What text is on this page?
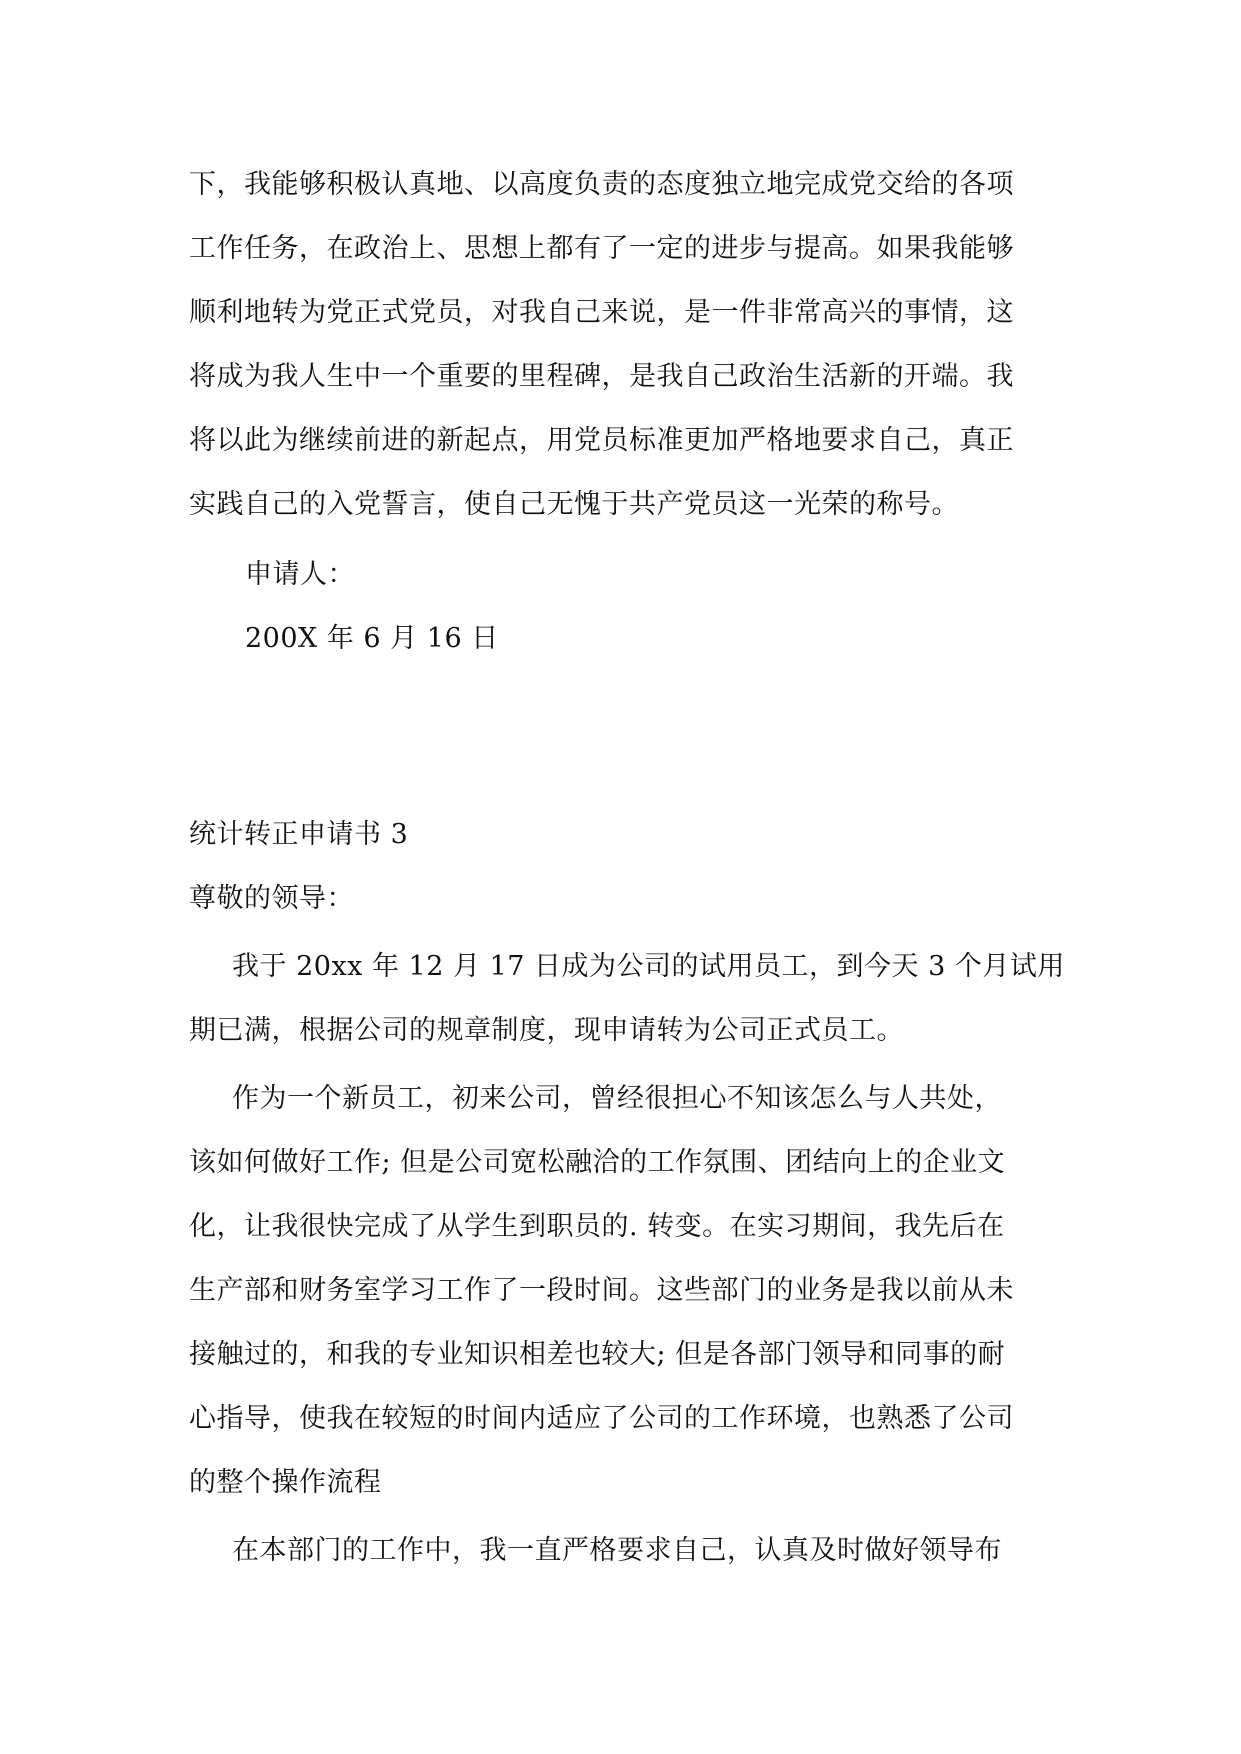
下，我能够积极认真地、以高度负责的态度独立地完成党交给的各项
工作任务，在政治上、思想上都有了一定的进步与提高。如果我能够
顺利地转为党正式党员，对我自己来说，是一件非常高兴的事情，这
将成为我人生中一个重要的里程碑，是我自己政治生活新的开端。我
将以此为继续前进的新起点，用党员标准更加严格地要求自己，真正
实践自己的入党誓言，使自己无愧于共产党员这一光荣的称号。
申请人：
200X 年 6 月 16 日
统计转正申请书 3
尊敬的领导：
我于 20xx 年 12 月 17 日成为公司的试用员工，到今天 3 个月试用
期已满，根据公司的规章制度，现申请转为公司正式员工。
作为一个新员工，初来公司，曾经很担心不知该怎么与人共处，
该如何做好工作; 但是公司宽松融洽的工作氛围、团结向上的企业文
化，让我很快完成了从学生到职员的. 转变。在实习期间，我先后在
生产部和财务室学习工作了一段时间。这些部门的业务是我以前从未
接触过的，和我的专业知识相差也较大; 但是各部门领导和同事的耐
心指导，使我在较短的时间内适应了公司的工作环境，也熟悉了公司
的整个操作流程
在本部门的工作中，我一直严格要求自己，认真及时做好领导布
